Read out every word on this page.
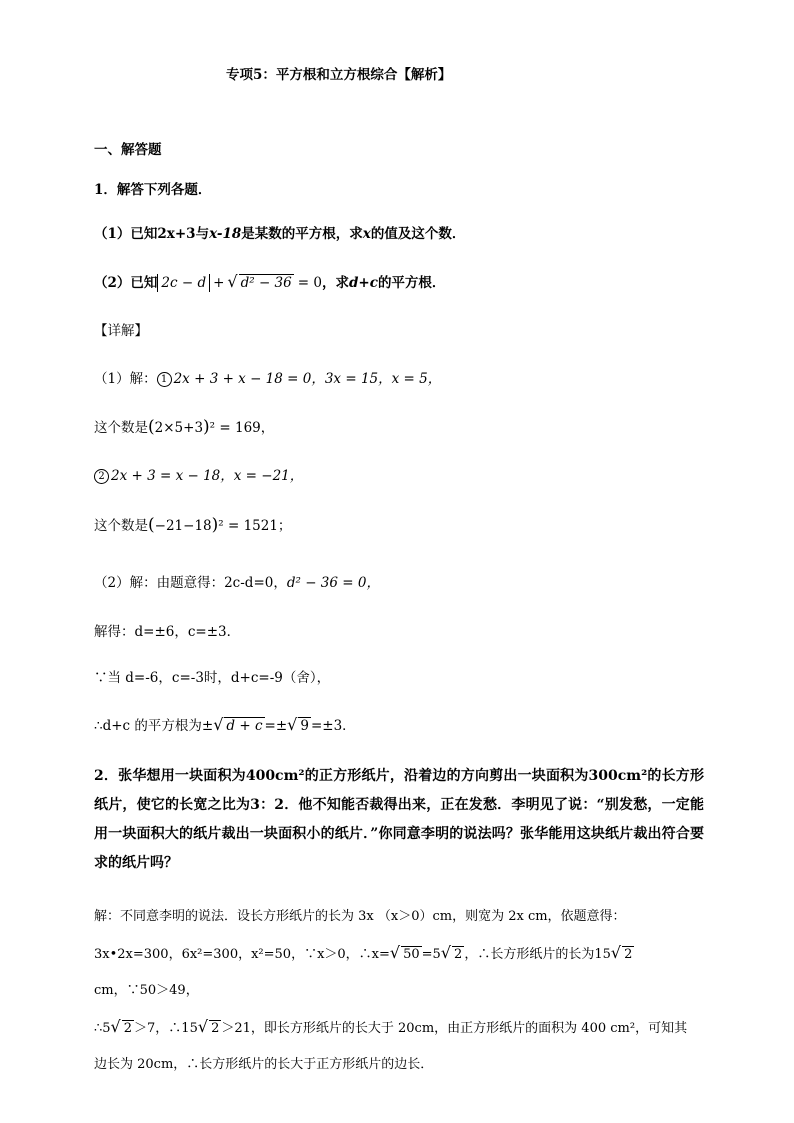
专项5：平方根和立方根综合【解析】
一、解答题
1．解答下列各题．
（1）已知2x+3与x-18是某数的平方根，求x的值及这个数．
（2）已知 2c − d + √ d² − 36 = 0，求d+c的平方根．
【详解】
（1）解： 1 2x + 3 + x − 18 = 0，3x = 15，x = 5，
这个数是(2×5+3)² = 169，
2 2x + 3 = x − 18，x = −21，
这个数是(−21−18)² = 1521；
（2）解：由题意得：2c-d=0，d² − 36 = 0，
解得：d=±6，c=±3．
∵当 d=-6，c=-3时，d+c=-9（舍），
∴d+c 的平方根为±√ d + c =±√ 9 =±3．
2．张华想用一块面积为400cm²的正方形纸片，沿着边的方向剪出一块面积为300cm²的长方形纸片，使它的长宽之比为3：2．他不知能否裁得出来，正在发愁．李明见了说：“别发愁，一定能用一块面积大的纸片裁出一块面积小的纸片．”你同意李明的说法吗？张华能用这块纸片裁出符合要求的纸片吗？
解：不同意李明的说法．设长方形纸片的长为 3x （x＞0）cm，则宽为 2x cm，依题意得：
3x•2x=300，6x²=300，x²=50，∵x＞0，∴x=√ 50 =5√ 2 ，∴长方形纸片的长为15√ 2 cm，∵50＞49，
∴5√ 2 ＞7，∴15√ 2 ＞21，即长方形纸片的长大于 20cm，由正方形纸片的面积为 400 cm²，可知其
边长为 20cm，∴长方形纸片的长大于正方形纸片的边长．
